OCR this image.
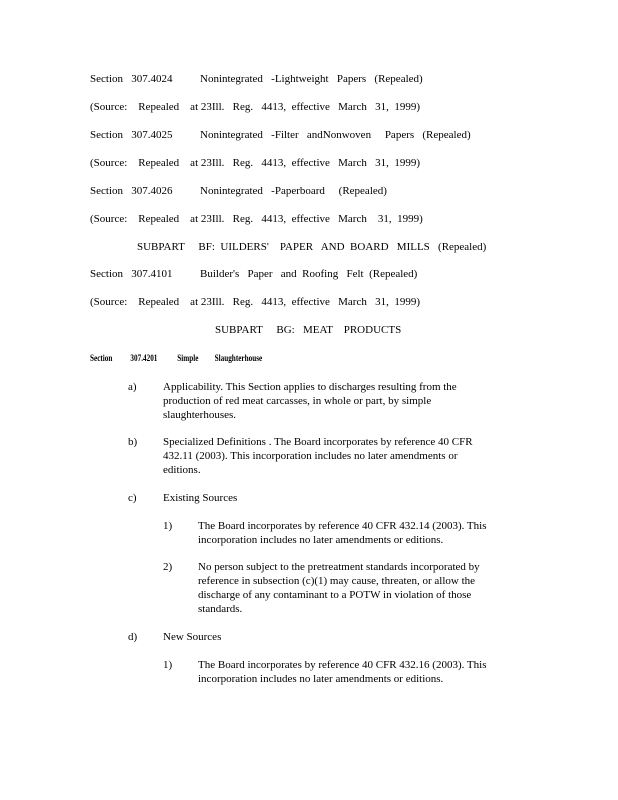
Section   307.4024          Nonintegrated   -Lightweight   Papers   (Repealed)
(Source:    Repealed    at 23Ill.   Reg.   4413,  effective   March   31,  1999)
Section   307.4025          Nonintegrated   -Filter   andNonwoven     Papers   (Repealed)
(Source:    Repealed    at 23Ill.   Reg.   4413,  effective   March   31,  1999)
Section   307.4026          Nonintegrated   -Paperboard     (Repealed)
(Source:    Repealed    at 23Ill.   Reg.   4413,  effective   March    31,  1999)
SUBPART     BF:  UILDERS'    PAPER   AND  BOARD   MILLS   (Repealed)
Section   307.4101          Builder's   Paper   and  Roofing   Felt  (Repealed)
(Source:    Repealed    at 23Ill.   Reg.   4413,  effective   March   31,  1999)
SUBPART     BG:   MEAT    PRODUCTS
Section          307.4201           Simple         Slaughterhouse
a) Applicability. This Section applies to discharges resulting from the production of red meat carcasses, in whole or part, by simple slaughterhouses.
b) Specialized Definitions . The Board incorporates by reference 40 CFR 432.11 (2003). This incorporation includes no later amendments or editions.
c) Existing Sources
1) The Board incorporates by reference 40 CFR 432.14 (2003). This incorporation includes no later amendments or editions.
2) No person subject to the pretreatment standards incorporated by reference in subsection (c)(1) may cause, threaten, or allow the discharge of any contaminant to a POTW in violation of those standards.
d) New Sources
1) The Board incorporates by reference 40 CFR 432.16 (2003). This incorporation includes no later amendments or editions.
